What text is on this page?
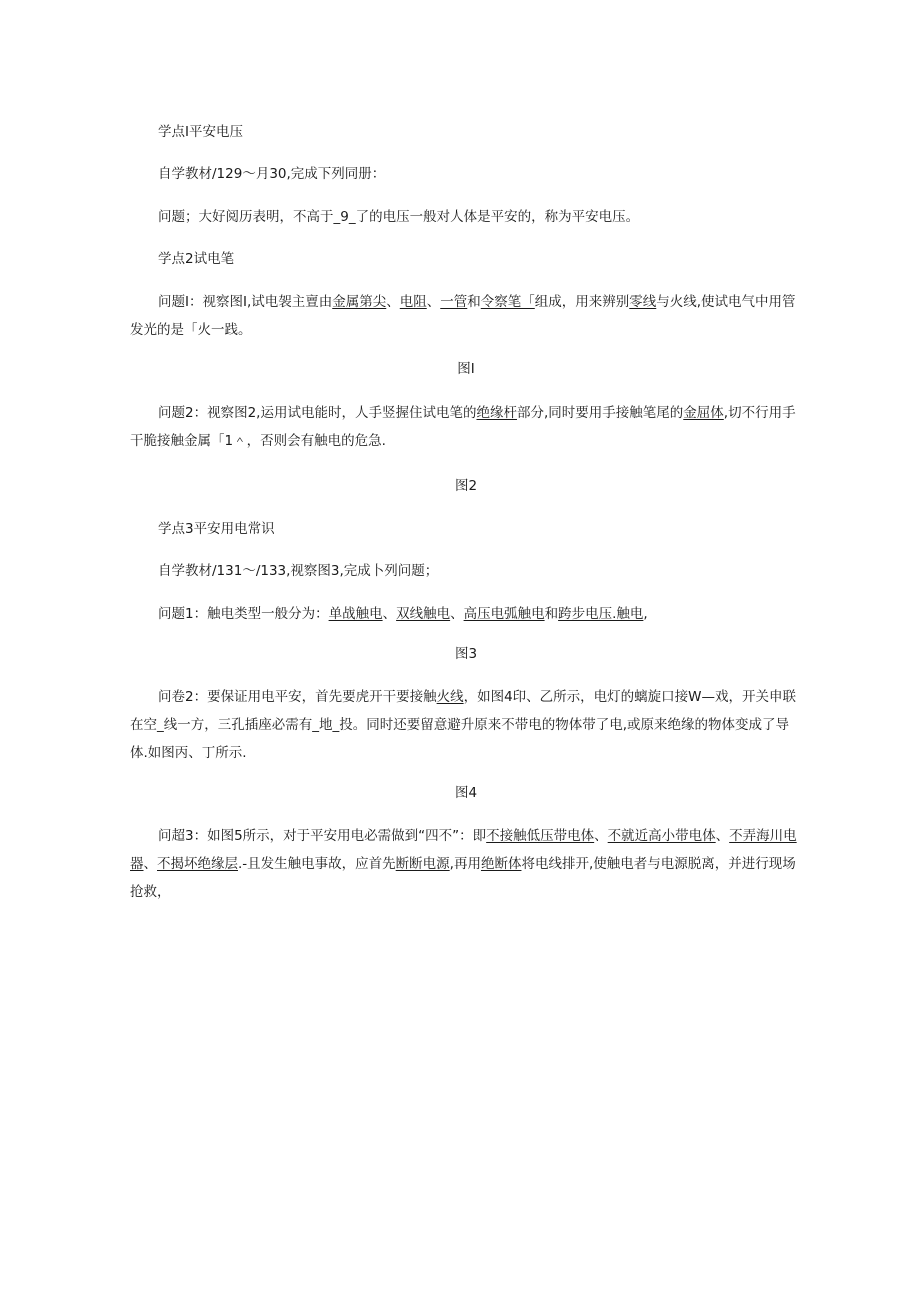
学点Ⅰ平安电压
自学教材/129〜月30,完成下列同册：
问题；大好阅历表明，不高于_9_了的电压一般对人体是平安的，称为平安电压。
学点2试电笔
问题I：视察图I,试电袈主亶由金属第尖、电阻、一管和令察笔「组成，用来辨别零线与火线,使试电气中用管发光的是「火一践。
图I
问题2：视察图2,运用试电能时，人手竖握住试电笔的绝缘杆部分,同时要用手接触笔尾的金屈体,切不行用手干脆接触金属「1＾，否则会有触电的危急.
图2
学点3平安用电常识
自学教材/131〜/133,视察图3,完成卜列问题；
问题1：触电类型一般分为：单战触电、双线触电、高压电弧触电和跨步电压.触电,
图3
问卷2：要保证用电平安，首先要虎开干要接触火线，如图4印、乙所示，电灯的螭旋口接W—戏，开关申联在空_线一方，三孔插座必需有_地_投。同时还要留意避升原来不带电的物体带了电,或原来绝缘的物体变成了导体.如图丙、丁所示.
图4
问超3：如图5所示，对于平安用电必需做到“四不”：即不接触低压带电体、不就近高小带电体、不弄海川电器、不揭坏绝缘层.-且发生触电事故，应首先断断电源,再用绝断体将电线排开,使触电者与电源脱离，并进行现场抢救，
